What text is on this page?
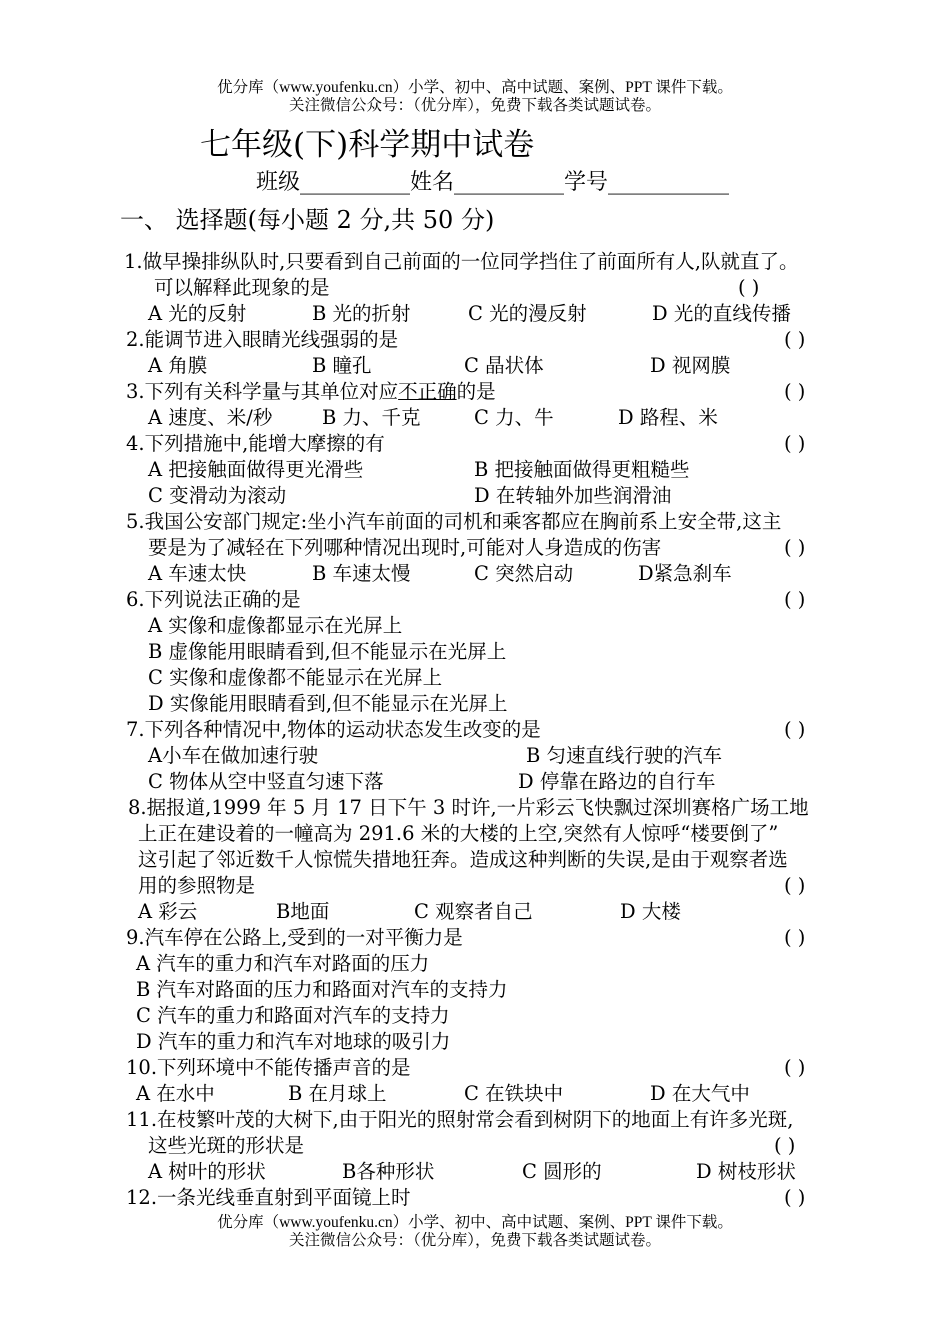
优分库（www.youfenku.cn）小学、初中、高中试题、案例、PPT 课件下载。
关注微信公众号：（优分库），免费下载各类试题试卷。
七年级(下)科学期中试卷
班级__________姓名__________学号___________
一、 选择题(每小题 2 分,共 50 分)
1.做早操排纵队时,只要看到自己前面的一位同学挡住了前面所有人,队就直了。
可以解释此现象的是	( )
A 光的反射	B 光的折射	C 光的漫反射	D 光的直线传播
2.能调节进入眼睛光线强弱的是	( )
A 角膜	B 瞳孔	C 晶状体	D 视网膜
3.下列有关科学量与其单位对应不正确的是	( )
A 速度、米/秒	B 力、千克	C 力、牛	D 路程、米
4.下列措施中,能增大摩擦的有	( )
A 把接触面做得更光滑些	B 把接触面做得更粗糙些
C 变滑动为滚动	D 在转轴外加些润滑油
5.我国公安部门规定:坐小汽车前面的司机和乘客都应在胸前系上安全带,这主
要是为了减轻在下列哪种情况出现时,可能对人身造成的伤害	( )
A 车速太快	B 车速太慢	C 突然启动	D紧急刹车
6.下列说法正确的是	( )
A 实像和虚像都显示在光屏上
B 虚像能用眼睛看到,但不能显示在光屏上
C 实像和虚像都不能显示在光屏上
D 实像能用眼睛看到,但不能显示在光屏上
7.下列各种情况中,物体的运动状态发生改变的是	( )
A小车在做加速行驶	B 匀速直线行驶的汽车
C 物体从空中竖直匀速下落	D 停靠在路边的自行车
8.据报道,1999 年 5 月 17 日下午 3 时许,一片彩云飞快飘过深圳赛格广场工地
上正在建设着的一幢高为 291.6 米的大楼的上空,突然有人惊呼“楼要倒了”
这引起了邻近数千人惊慌失措地狂奔。造成这种判断的失误,是由于观察者选
用的参照物是	( )
A 彩云	B地面	C 观察者自己	D 大楼
9.汽车停在公路上,受到的一对平衡力是	( )
A 汽车的重力和汽车对路面的压力
B 汽车对路面的压力和路面对汽车的支持力
C 汽车的重力和路面对汽车的支持力
D 汽车的重力和汽车对地球的吸引力
10.下列环境中不能传播声音的是	( )
A 在水中	B 在月球上	C 在铁块中	D 在大气中
11.在枝繁叶茂的大树下,由于阳光的照射常会看到树阴下的地面上有许多光斑,
这些光斑的形状是	( )
A 树叶的形状	B各种形状	C 圆形的	D 树枝形状
12.一条光线垂直射到平面镜上时	( )
优分库（www.youfenku.cn）小学、初中、高中试题、案例、PPT 课件下载。
关注微信公众号：（优分库），免费下载各类试题试卷。
